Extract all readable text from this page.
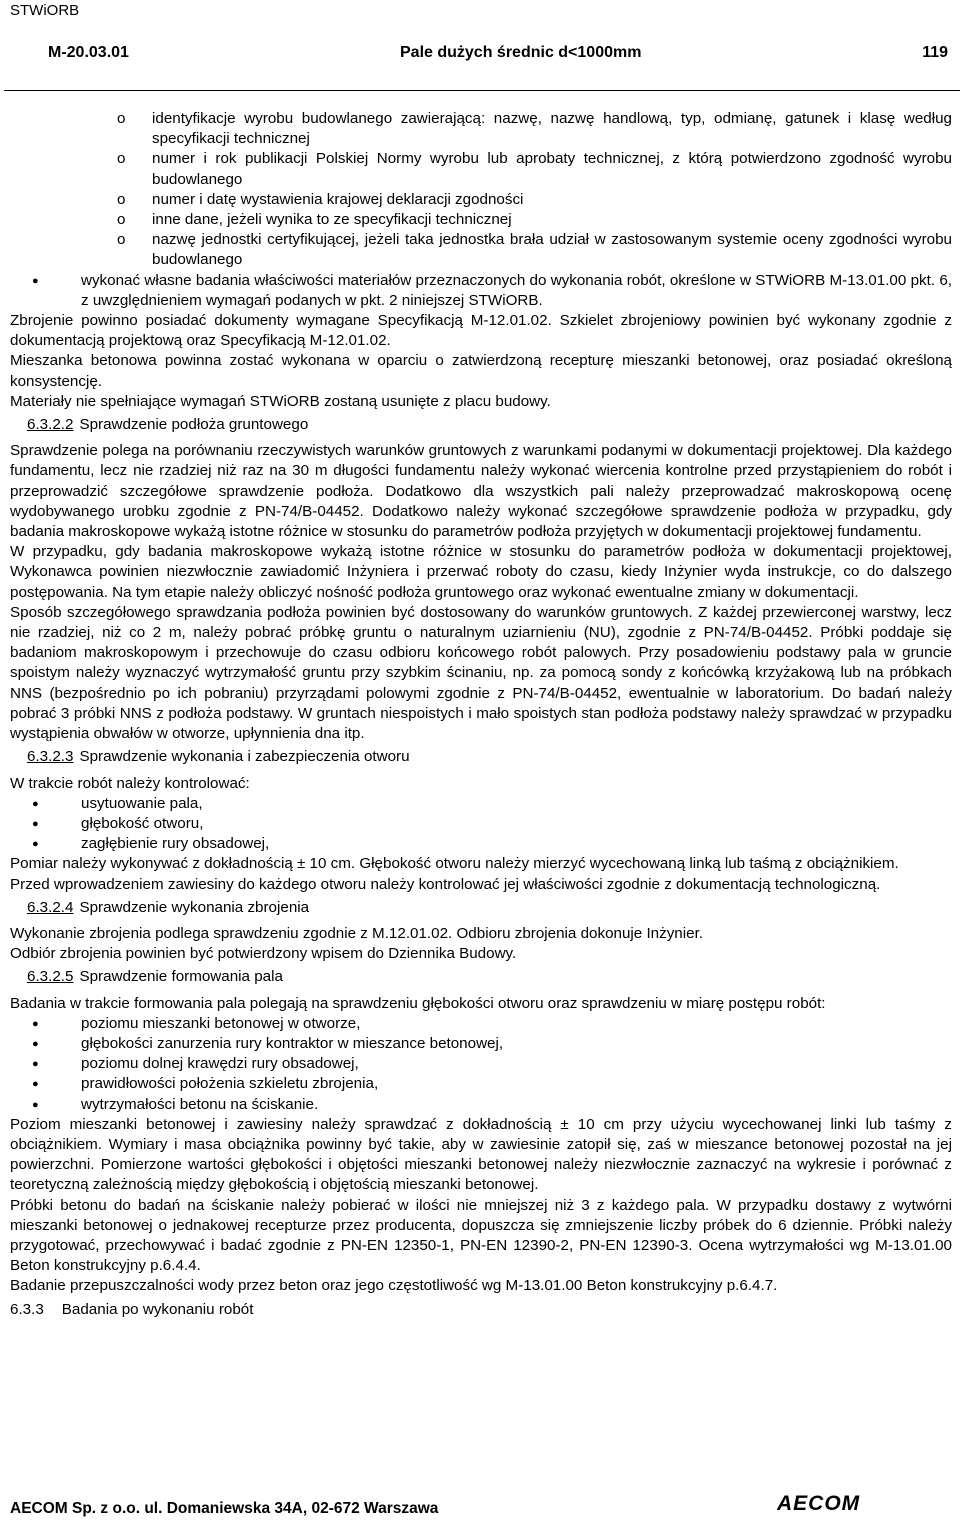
STWiORB
M-20.03.01	Pale dużych średnic d<1000mm	119
o identyfikacje wyrobu budowlanego zawierającą: nazwę, nazwę handlową, typ, odmianę, gatunek i klasę według specyfikacji technicznej
o numer i rok publikacji Polskiej Normy wyrobu lub aprobaty technicznej, z którą potwierdzono zgodność wyrobu budowlanego
o numer i datę wystawienia krajowej deklaracji zgodności
o inne dane, jeżeli wynika to ze specyfikacji technicznej
o nazwę jednostki certyfikującej, jeżeli taka jednostka brała udział w zastosowanym systemie oceny zgodności wyrobu budowlanego
●	wykonać własne badania właściwości materiałów przeznaczonych do wykonania robót, określone w STWiORB M-13.01.00 pkt. 6, z uwzględnieniem wymagań podanych w pkt. 2 niniejszej STWiORB.

Zbrojenie powinno posiadać dokumenty wymagane Specyfikacją M-12.01.02. Szkielet zbrojeniowy powinien być wykonany zgodnie z dokumentacją projektową oraz Specyfikacją M-12.01.02.

Mieszanka betonowa powinna zostać wykonana w oparciu o zatwierdzoną recepturę mieszanki betonowej, oraz posiadać określoną konsystencję.

Materiały nie spełniające wymagań STWiORB zostaną usunięte z placu budowy.

6.3.2.2 Sprawdzenie podłoża gruntowego

Sprawdzenie polega na porównaniu rzeczywistych warunków gruntowych z warunkami podanymi w dokumentacji projektowej. Dla każdego fundamentu, lecz nie rzadziej niż raz na 30 m długości fundamentu należy wykonać wiercenia kontrolne przed przystąpieniem do robót i przeprowadzić szczegółowe sprawdzenie podłoża. Dodatkowo dla wszystkich pali należy przeprowadzać makroskopową ocenę wydobywanego urobku zgodnie z PN-74/B-04452. Dodatkowo należy wykonać szczegółowe sprawdzenie podłoża w przypadku, gdy badania makroskopowe wykażą istotne różnice w stosunku do parametrów podłoża przyjętych w dokumentacji projektowej fundamentu.

W przypadku, gdy badania makroskopowe wykażą istotne różnice w stosunku do parametrów podłoża w dokumentacji projektowej, Wykonawca powinien niezwłocznie zawiadomić Inżyniera i przerwać roboty do czasu, kiedy Inżynier wyda instrukcje, co do dalszego postępowania. Na tym etapie należy obliczyć nośność podłoża gruntowego oraz wykonać ewentualne zmiany w dokumentacji.

Sposób szczegółowego sprawdzania podłoża powinien być dostosowany do warunków gruntowych. Z każdej przewierconej warstwy, lecz nie rzadziej, niż co 2 m, należy pobrać próbkę gruntu o naturalnym uziarnieniu (NU), zgodnie z PN-74/B-04452. Próbki poddaje się badaniom makroskopowym i przechowuje do czasu odbioru końcowego robót palowych. Przy posadowieniu podstawy pala w gruncie spoistym należy wyznaczyć wytrzymałość gruntu przy szybkim ścinaniu, np. za pomocą sondy z końcówką krzyżakową lub na próbkach NNS (bezpośrednio po ich pobraniu) przyrządami polowymi zgodnie z PN-74/B-04452, ewentualnie w laboratorium. Do badań należy pobrać 3 próbki NNS z podłoża podstawy. W gruntach niespoistych i mało spoistych stan podłoża podstawy należy sprawdzać w przypadku wystąpienia obwałów w otworze, upłynnienia dna itp.

6.3.2.3 Sprawdzenie wykonania i zabezpieczenia otworu

W trakcie robót należy kontrolować:

●	usytuowanie pala,
●	głębokość otworu,
●	zagłębienie rury obsadowej,

Pomiar należy wykonywać z dokładnością ± 10 cm. Głębokość otworu należy mierzyć wycechowaną linką lub taśmą z obciążnikiem.

Przed wprowadzeniem zawiesiny do każdego otworu należy kontrolować jej właściwości zgodnie z dokumentacją technologiczną.

6.3.2.4 Sprawdzenie wykonania zbrojenia

Wykonanie zbrojenia podlega sprawdzeniu zgodnie z M.12.01.02. Odbioru zbrojenia dokonuje Inżynier.

Odbiór zbrojenia powinien być potwierdzony wpisem do Dziennika Budowy.

6.3.2.5 Sprawdzenie formowania pala

Badania w trakcie formowania pala polegają na sprawdzeniu głębokości otworu oraz sprawdzeniu w miarę postępu robót:

●	poziomu mieszanki betonowej w otworze,
●	głębokości zanurzenia rury kontraktor w mieszance betonowej,
●	poziomu dolnej krawędzi rury obsadowej,
●	prawidłowości położenia szkieletu zbrojenia,
●	wytrzymałości betonu na ściskanie.

Poziom mieszanki betonowej i zawiesiny należy sprawdzać z dokładnością ± 10 cm przy użyciu wycechowanej linki lub taśmy z obciążnikiem. Wymiary i masa obciążnika powinny być takie, aby w zawiesinie zatopił się, zaś w mieszance betonowej pozostał na jej powierzchni. Pomierzone wartości głębokości i objętości mieszanki betonowej należy niezwłocznie zaznaczyć na wykresie i porównać z teoretyczną zależnością między głębokością i objętością mieszanki betonowej.

Próbki betonu do badań na ściskanie należy pobierać w ilości nie mniejszej niż 3 z każdego pala. W przypadku dostawy z wytwórni mieszanki betonowej o jednakowej recepturze przez producenta, dopuszcza się zmniejszenie liczby próbek do 6 dziennie. Próbki należy przygotować, przechowywać i badać zgodnie z PN-EN 12350-1, PN-EN 12390-2, PN-EN 12390-3. Ocena wytrzymałości wg M-13.01.00 Beton konstrukcyjny p.6.4.4.

Badanie przepuszczalności wody przez beton oraz jego częstotliwość wg M-13.01.00 Beton konstrukcyjny p.6.4.7.

6.3.3 Badania po wykonaniu robót

AECOM Sp. z o.o. ul. Domaniewska 34A, 02-672 Warszawa	AECOM
